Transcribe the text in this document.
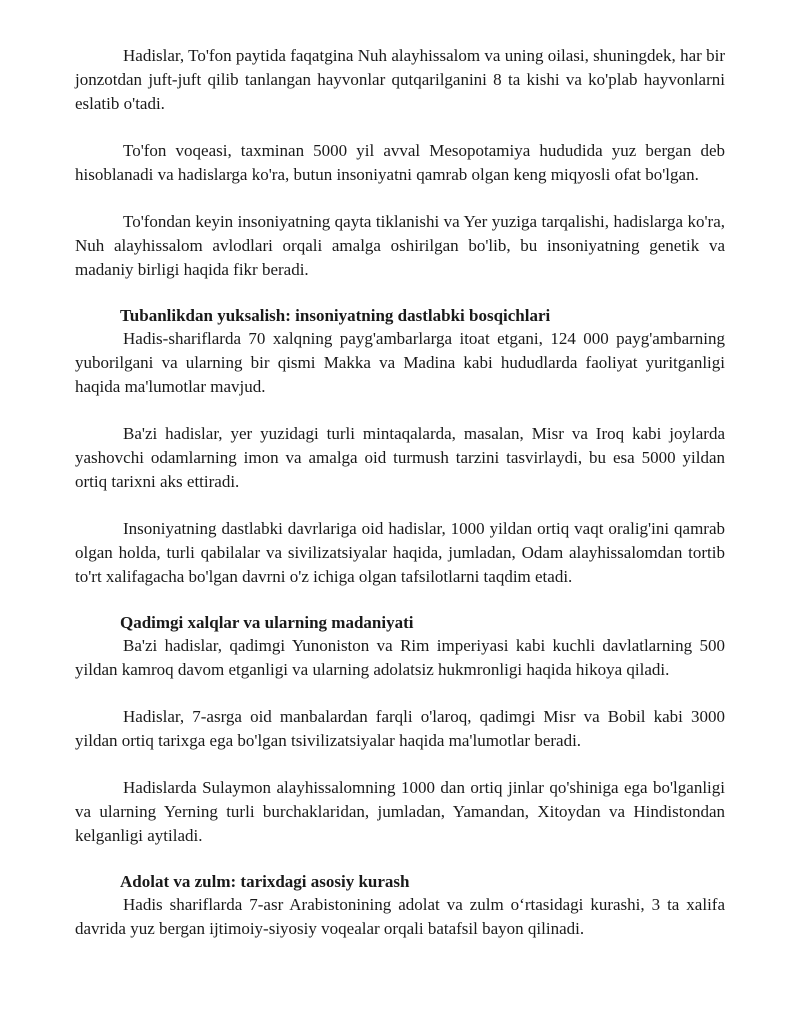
Hadislar, To'fon paytida faqatgina Nuh alayhissalom va uning oilasi, shuningdek, har bir jonzotdan juft-juft qilib tanlangan hayvonlar qutqarilganini 8 ta kishi va ko'plab hayvonlarni eslatib o'tadi.

To'fon voqeasi, taxminan 5000 yil avval Mesopotamiya hududida yuz bergan deb hisoblanadi va hadislarga ko'ra, butun insoniyatni qamrab olgan keng miqyosli ofat bo'lgan.

To'fondan keyin insoniyatning qayta tiklanishi va Yer yuziga tarqalishi, hadislarga ko'ra, Nuh alayhissalom avlodlari orqali amalga oshirilgan bo'lib, bu insoniyatning genetik va madaniy birligi haqida fikr beradi.

Tubanlikdan yuksalish: insoniyatning dastlabki bosqichlari

Hadis-shariflarda 70 xalqning payg'ambarlarga itoat etgani, 124 000 payg'ambarning yuborilgani va ularning bir qismi Makka va Madina kabi hududlarda faoliyat yuritganligi haqida ma'lumotlar mavjud.

Ba'zi hadislar, yer yuzidagi turli mintaqalarda, masalan, Misr va Iroq kabi joylarda yashovchi odamlarning imon va amalga oid turmush tarzini tasvirlaydi, bu esa 5000 yildan ortiq tarixni aks ettiradi.

Insoniyatning dastlabki davrlariga oid hadislar, 1000 yildan ortiq vaqt oralig'ini qamrab olgan holda, turli qabilalar va sivilizatsiyalar haqida, jumladan, Odam alayhissalomdan tortib to'rt xalifagacha bo'lgan davrni o'z ichiga olgan tafsilotlarni taqdim etadi.

Qadimgi xalqlar va ularning madaniyati

Ba'zi hadislar, qadimgi Yunoniston va Rim imperiyasi kabi kuchli davlatlarning 500 yildan kamroq davom etganligi va ularning adolatsiz hukmronligi haqida hikoya qiladi.

Hadislar, 7-asrga oid manbalardan farqli o'laroq, qadimgi Misr va Bobil kabi 3000 yildan ortiq tarixga ega bo'lgan tsivilizatsiyalar haqida ma'lumotlar beradi.

Hadislarda Sulaymon alayhissalomning 1000 dan ortiq jinlar qo'shiniga ega bo'lganligi va ularning Yerning turli burchaklaridan, jumladan, Yamandan, Xitoydan va Hindistondan kelganligi aytiladi.

Adolat va zulm: tarixdagi asosiy kurash

Hadis shariflarda 7-asr Arabistonining adolat va zulm o‘rtasidagi kurashi, 3 ta xalifa davrida yuz bergan ijtimoiy-siyosiy voqealar orqali batafsil bayon qilinadi.
